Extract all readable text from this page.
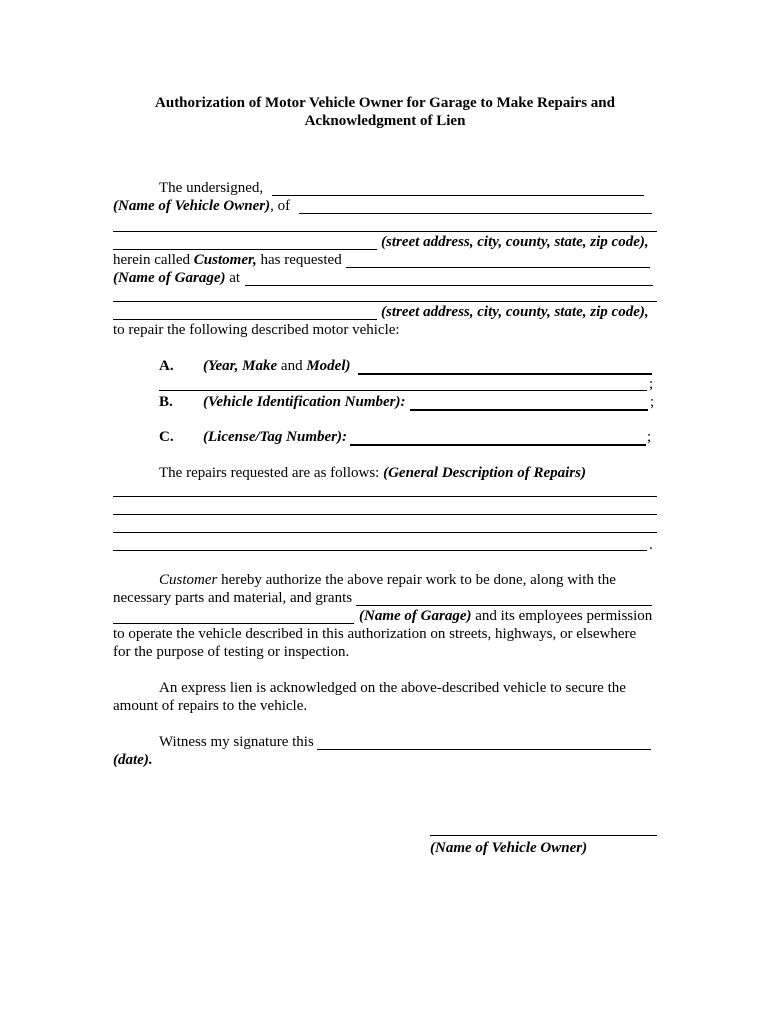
Authorization of Motor Vehicle Owner for Garage to Make Repairs and
Acknowledgment of Lien
The undersigned,
(Name of Vehicle Owner), of
(street address, city, county, state, zip code),
herein called Customer, has requested
(Name of Garage) at
(street address, city, county, state, zip code),
to repair the following described motor vehicle:
A. (Year, Make and Model)
;
B. (Vehicle Identification Number):	;
C. (License/Tag Number):	;
The repairs requested are as follows: (General Description of Repairs)
.
Customer hereby authorize the above repair work to be done, along with the
necessary parts and material, and grants
(Name of Garage) and its employees permission
to operate the vehicle described in this authorization on streets, highways, or elsewhere
for the purpose of testing or inspection.
An express lien is acknowledged on the above-described vehicle to secure the
amount of repairs to the vehicle.
Witness my signature this
(date).
(Name of Vehicle Owner)
